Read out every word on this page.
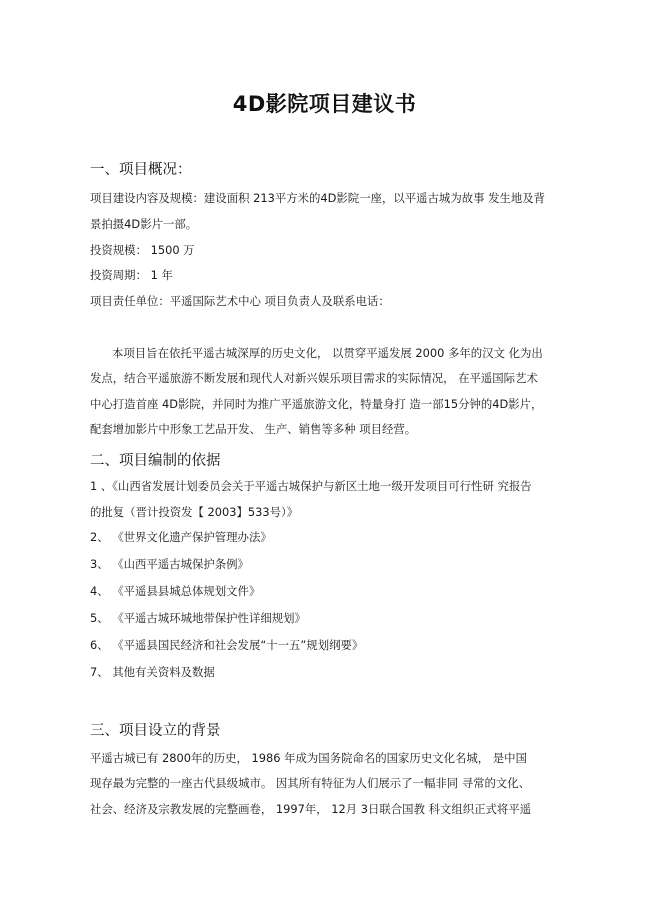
4D影院项目建议书
一、项目概况：
项目建设内容及规模：建设面积 213平方米的4D影院一座，以平遥古城为故事 发生地及背
景拍摄4D影片一部。
投资规模： 1500 万
投资周期： 1 年
项目责任单位：平遥国际艺术中心 项目负责人及联系电话：
本项目旨在依托平遥古城深厚的历史文化， 以贯穿平遥发展 2000 多年的汉文 化为出
发点，结合平遥旅游不断发展和现代人对新兴娱乐项目需求的实际情况， 在平遥国际艺术
中心打造首座 4D影院，并同时为推广平遥旅游文化，特量身打 造一部15分钟的4D影片，
配套增加影片中形象工艺品开发、 生产、销售等多种 项目经营。
二、项目编制的依据
1 、《山西省发展计划委员会关于平遥古城保护与新区土地一级开发项目可行性研 究报告
的批复（晋计投资发【 2003】533号）》
2、 《世界文化遗产保护管理办法》
3、 《山西平遥古城保护条例》
4、 《平遥县县城总体规划文件》
5、 《平遥古城环城地带保护性详细规划》
6、 《平遥县国民经济和社会发展“十一五”规划纲要》
7、 其他有关资料及数据
三、项目设立的背景
平遥古城已有 2800年的历史， 1986 年成为国务院命名的国家历史文化名城， 是中国
现存最为完整的一座古代县级城市。 因其所有特征为人们展示了一幅非同 寻常的文化、
社会、经济及宗教发展的完整画卷， 1997年， 12月 3日联合国教 科文组织正式将平遥
